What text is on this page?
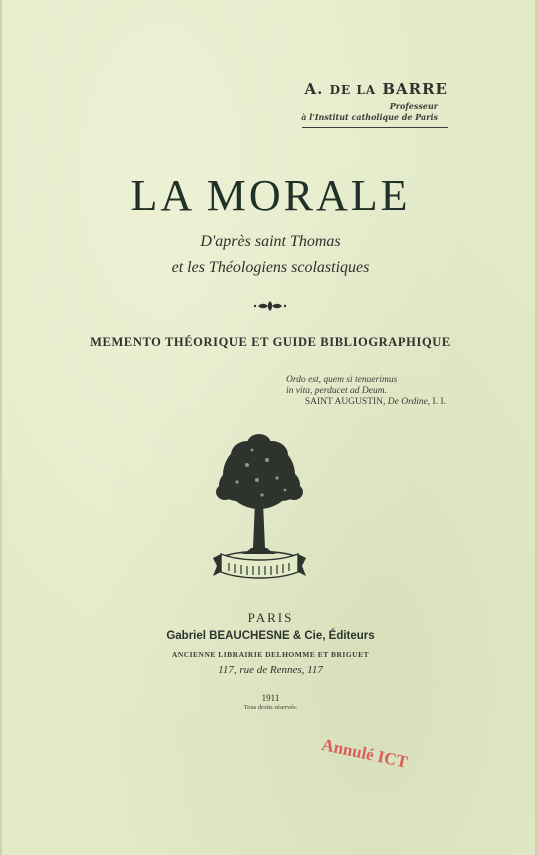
A. DE LA BARRE
Professeur
à l'Institut catholique de Paris
LA MORALE
D'après saint Thomas
et les Théologiens scolastiques
MEMENTO THÉORIQUE ET GUIDE BIBLIOGRAPHIQUE
Ordo est, quem si tenuerimus
in vita, perducet ad Deum.
SAINT AUGUSTIN, De Ordine, I. I.
PARIS
Gabriel BEAUCHESNE & Cie, Éditeurs
ANCIENNE LIBRAIRIE DELHOMME ET BRIGUET
117, rue de Rennes, 117
1911
Tous droits réservés.
Annulé ICT
